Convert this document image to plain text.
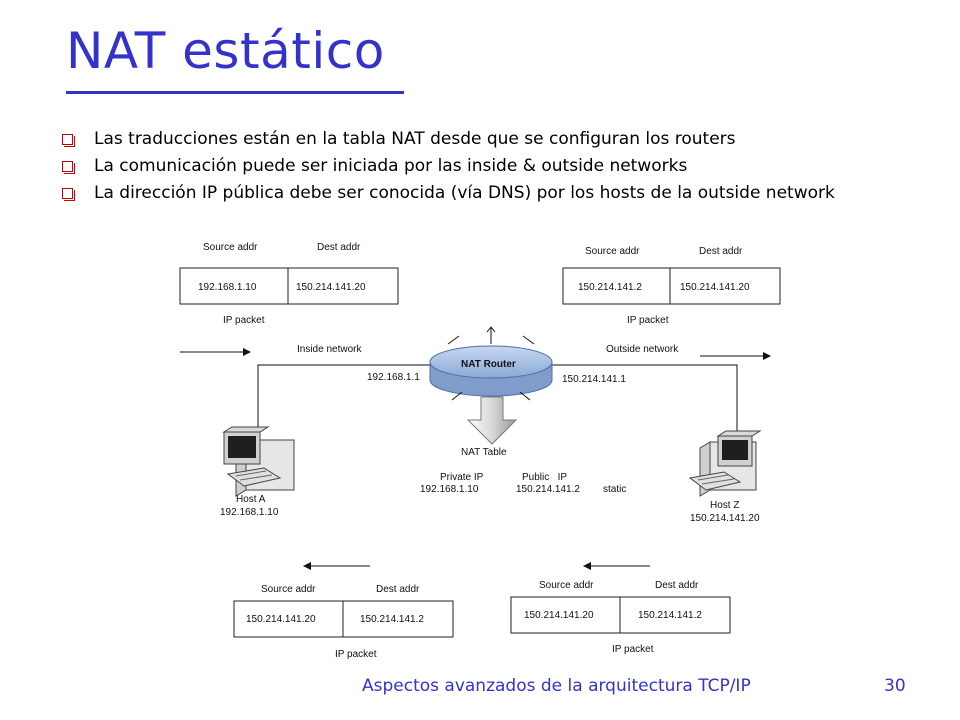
NAT estático
Las traducciones están en la tabla NAT desde que se configuran los routers
La comunicación puede ser iniciada por las inside & outside networks
La dirección IP pública debe ser conocida (vía DNS) por los hosts de la outside network
Source addr	Dest addr
192.168.1.10	150.214.141.20
IP packet
Source addr	Dest addr
150.214.141.2	150.214.141.20
IP packet
Inside network	Outside network
NAT Router
192.168.1.1	150.214.141.1
NAT Table
Private IP	Public   IP
192.168.1.10	150.214.141.2 static
Host A
192.168.1.10
Host Z
150.214.141.20
Source addr	Dest addr
150.214.141.20	150.214.141.2
IP packet
Source addr	Dest addr
150.214.141.20	150.214.141.2
IP packet
Aspectos avanzados de la arquitectura TCP/IP	30
